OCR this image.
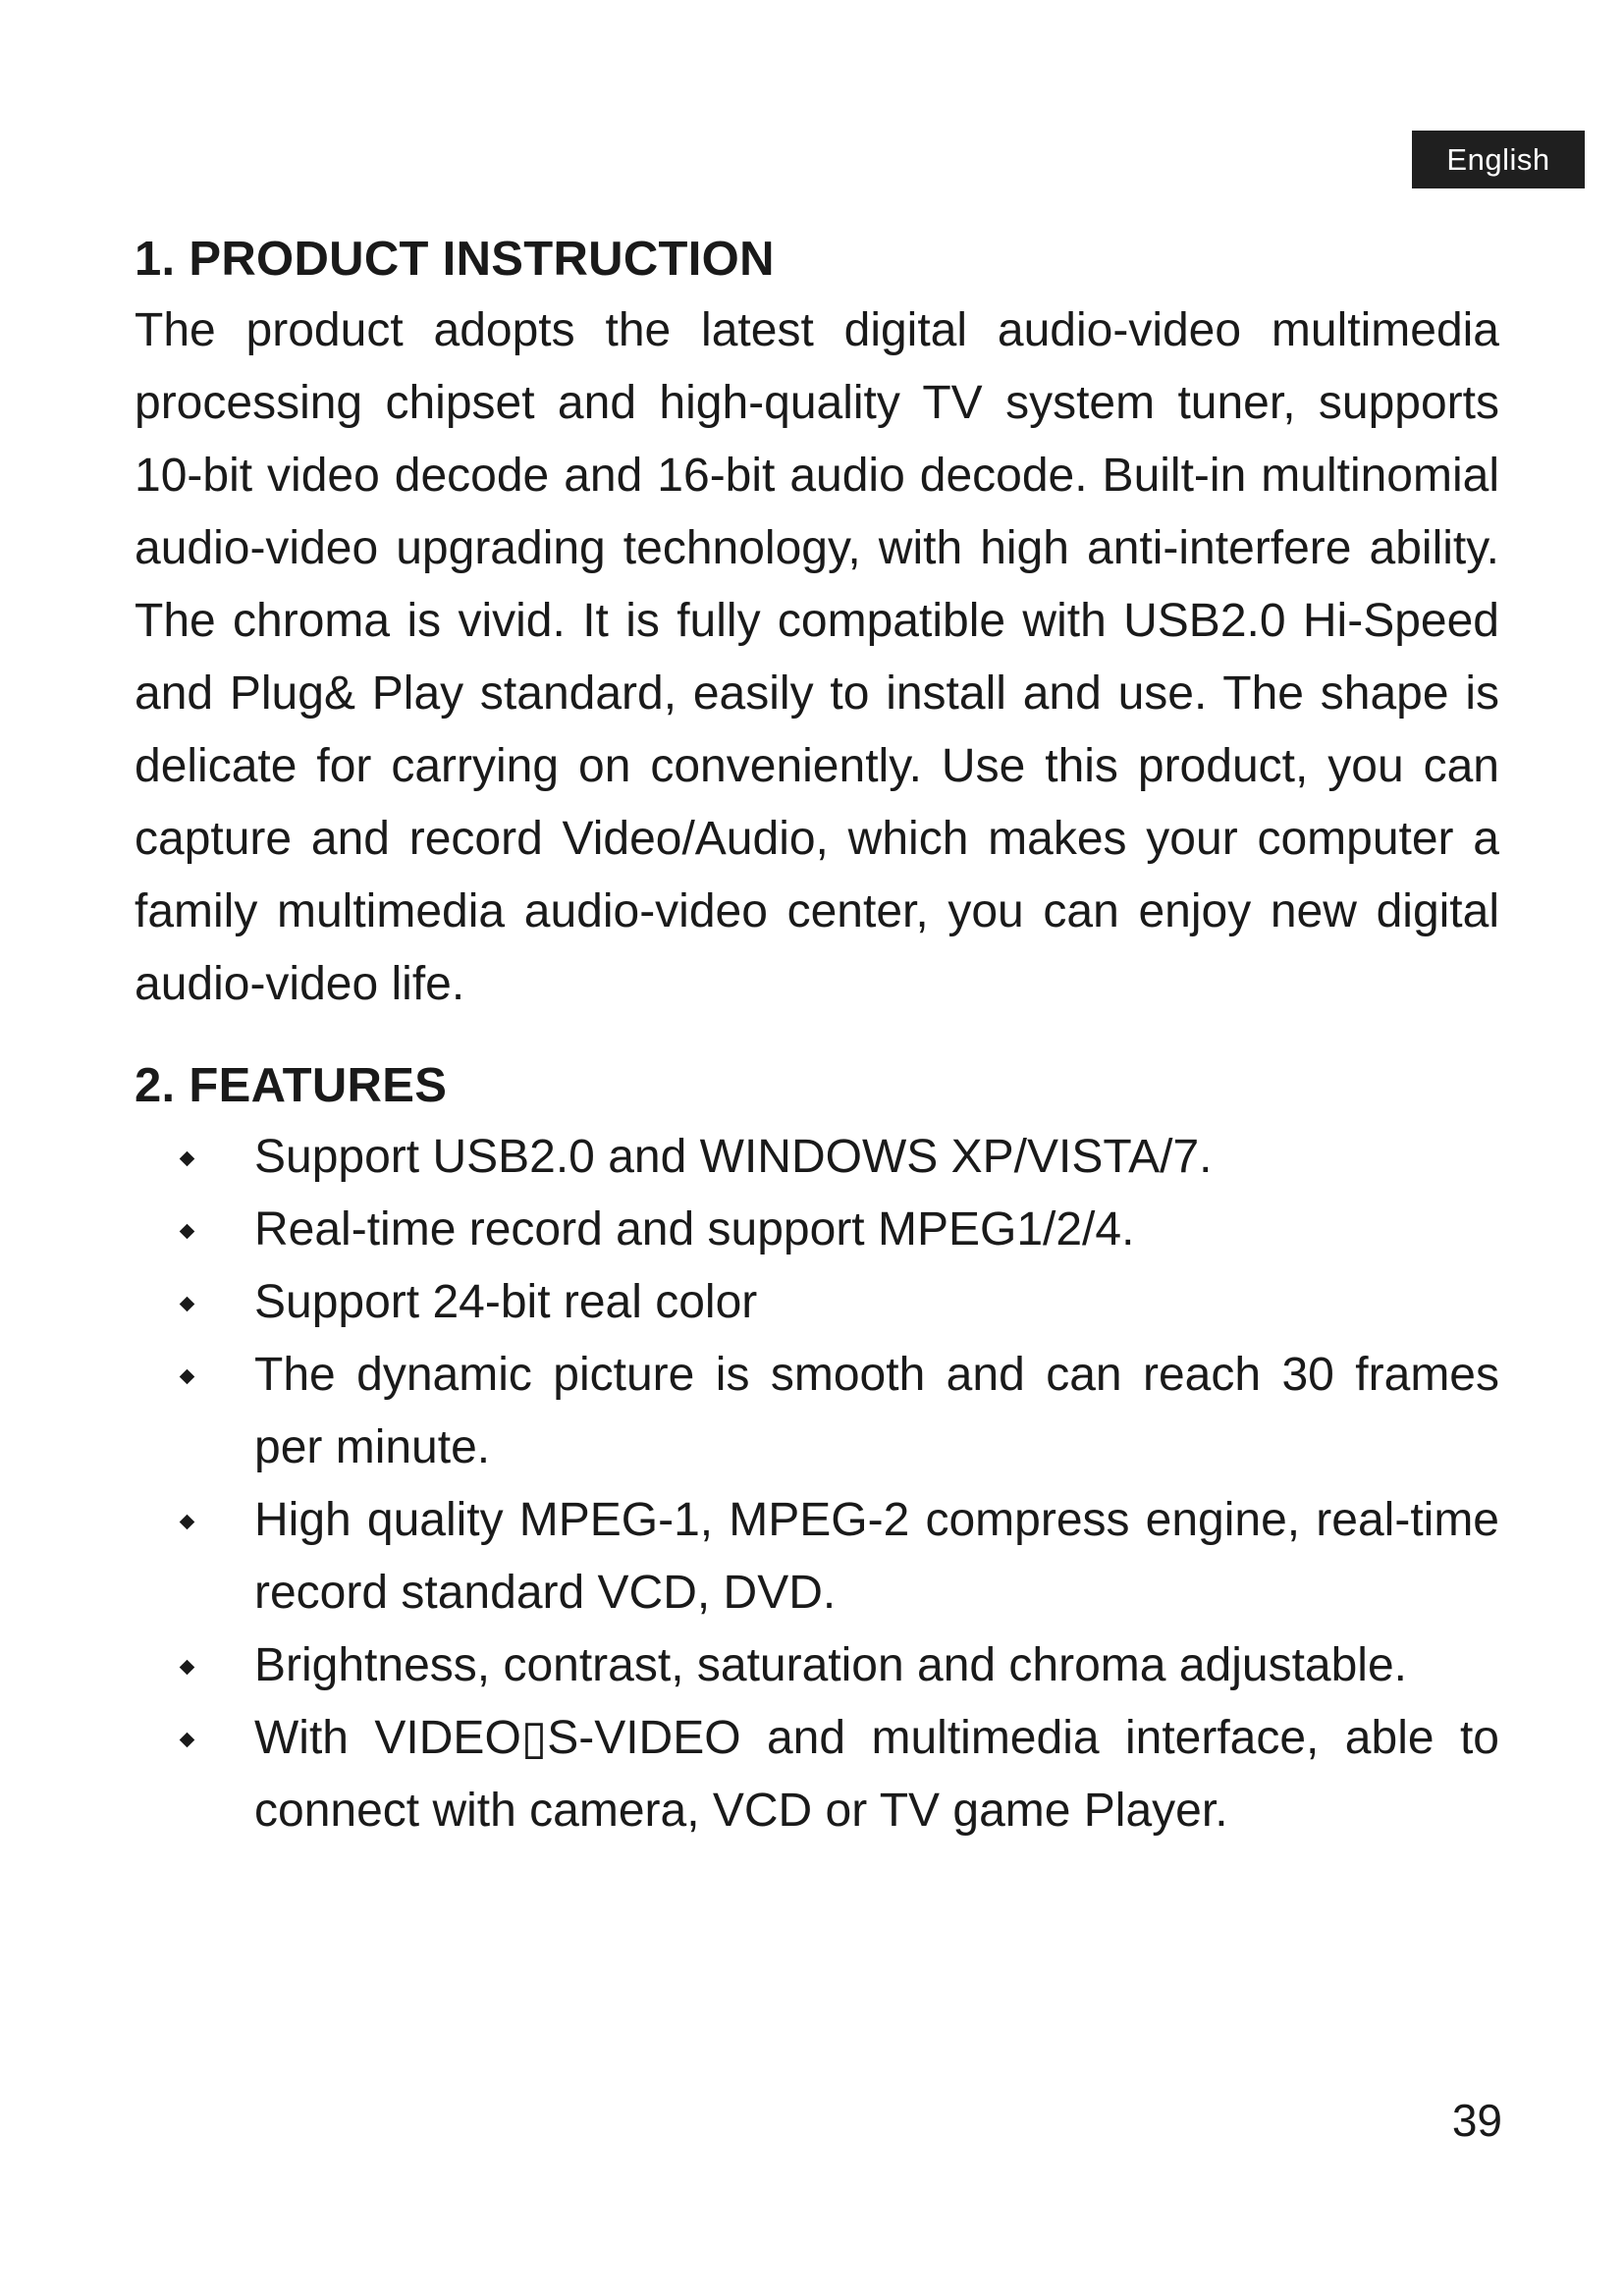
English
1. PRODUCT INSTRUCTION

The product adopts the latest digital audio-video multimedia processing chipset and high-quality TV system tuner, supports 10-bit video decode and 16-bit audio decode. Built-in multinomial audio-video upgrading technology, with high anti-interfere ability. The chroma is vivid. It is fully compatible with USB2.0 Hi-Speed and Plug& Play standard, easily to install and use. The shape is delicate for carrying on conveniently. Use this product, you can capture and record Video/Audio, which makes your computer a family multimedia audio-video center, you can enjoy new digital audio-video life.

2. FEATURES
Support USB2.0 and WINDOWS XP/VISTA/7.
Real-time record and support MPEG1/2/4.
Support 24-bit real color
The dynamic picture is smooth and can reach 30 frames per minute.
High quality MPEG-1, MPEG-2 compress engine, real-time record standard VCD, DVD.
Brightness, contrast, saturation and chroma adjustable.
With VIDEO▯S-VIDEO and multimedia interface, able to connect with camera, VCD or TV game Player.
39
